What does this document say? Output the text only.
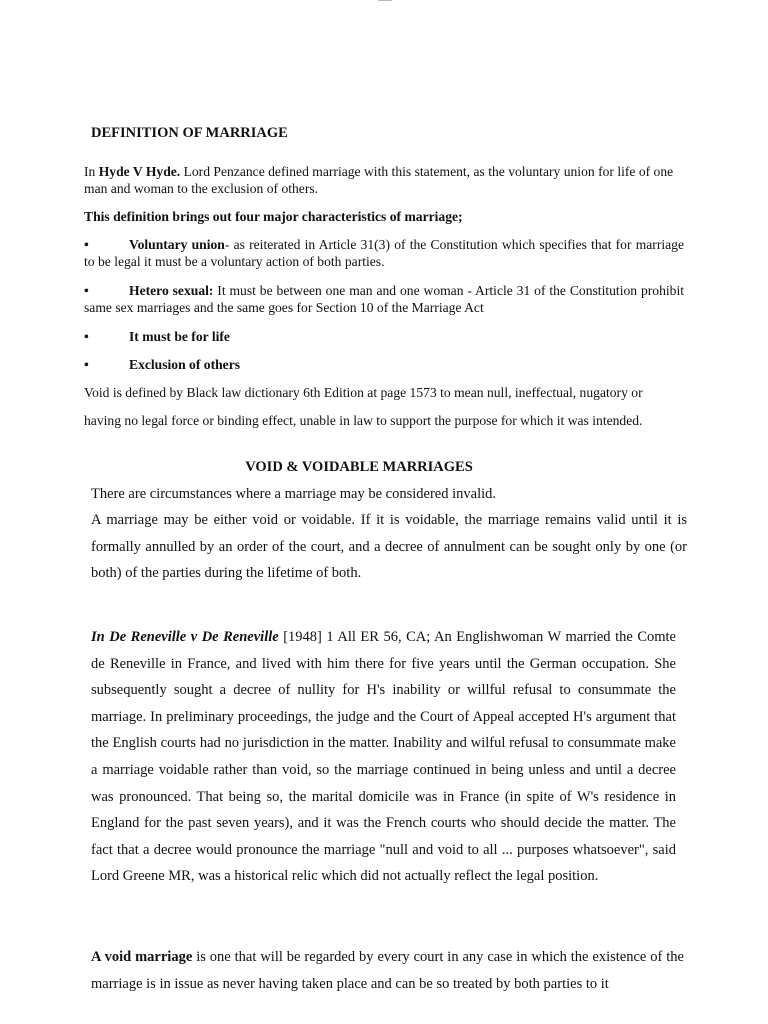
DEFINITION OF MARRIAGE

In Hyde V Hyde. Lord Penzance defined marriage with this statement, as the voluntary union for life of one man and woman to the exclusion of others.

This definition brings out four major characteristics of marriage;

•	Voluntary union- as reiterated in Article 31(3) of the Constitution which specifies that for marriage to be legal it must be a voluntary action of both parties.
•	Hetero sexual: It must be between one man and one woman - Article 31 of the Constitution prohibit same sex marriages and the same goes for Section 10 of the Marriage Act
•	It must be for life
•	Exclusion of others
Void is defined by Black law dictionary 6th Edition at page 1573 to mean null, ineffectual, nugatory or
having no legal force or binding effect, unable in law to support the purpose for which it was intended.
VOID & VOIDABLE MARRIAGES

There are circumstances where a marriage may be considered invalid.

A marriage may be either void or voidable. If it is voidable, the marriage remains valid until it is formally annulled by an order of the court, and a decree of annulment can be sought only by one (or both) of the parties during the lifetime of both.

In De Reneville v De Reneville [1948] 1 All ER 56, CA; An Englishwoman W married the Comte de Reneville in France, and lived with him there for five years until the German occupation. She subsequently sought a decree of nullity for H's inability or willful refusal to consummate the marriage. In preliminary proceedings, the judge and the Court of Appeal accepted H's argument that the English courts had no jurisdiction in the matter. Inability and wilful refusal to consummate make a marriage voidable rather than void, so the marriage continued in being unless and until a decree was pronounced. That being so, the marital domicile was in France (in spite of W's residence in England for the past seven years), and it was the French courts who should decide the matter. The fact that a decree would pronounce the marriage "null and void to all ... purposes whatsoever", said Lord Greene MR, was a historical relic which did not actually reflect the legal position.

A void marriage is one that will be regarded by every court in any case in which the existence of the marriage is in issue as never having taken place and can be so treated by both parties to it
